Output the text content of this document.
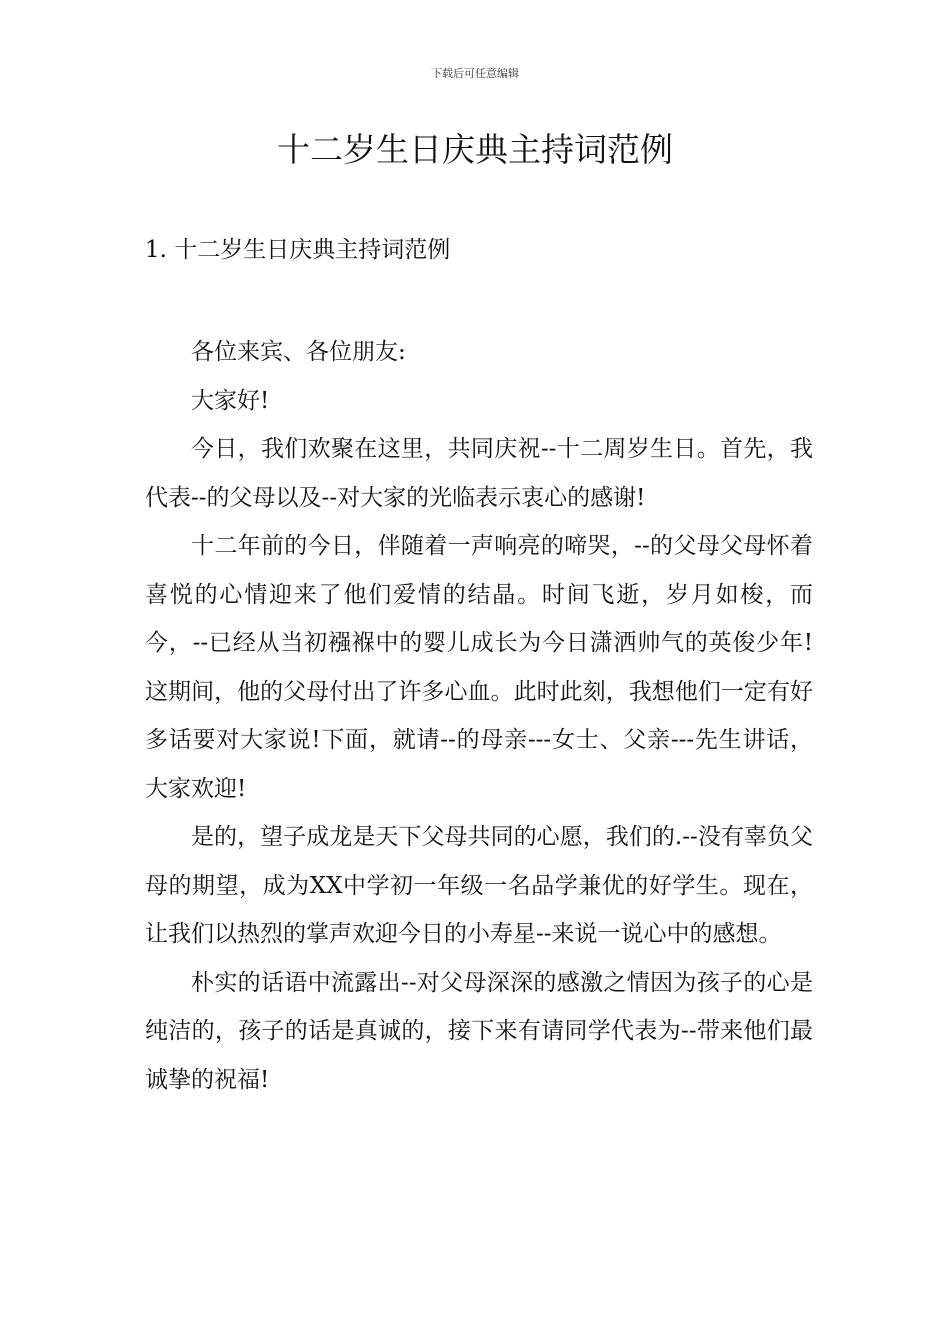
下载后可任意编辑
十二岁生日庆典主持词范例
1. 十二岁生日庆典主持词范例

各位来宾、各位朋友:

大家好!

今日，我们欢聚在这里，共同庆祝--十二周岁生日。首先，我代表--的父母以及--对大家的光临表示衷心的感谢!

十二年前的今日，伴随着一声响亮的啼哭，--的父母父母怀着喜悦的心情迎来了他们爱情的结晶。时间飞逝，岁月如梭，而今，--已经从当初襁褓中的婴儿成长为今日潇洒帅气的英俊少年!这期间，他的父母付出了许多心血。此时此刻，我想他们一定有好多话要对大家说!下面，就请--的母亲---女士、父亲---先生讲话，大家欢迎!

是的，望子成龙是天下父母共同的心愿，我们的.--没有辜负父母的期望，成为XX中学初一年级一名品学兼优的好学生。现在，让我们以热烈的掌声欢迎今日的小寿星--来说一说心中的感想。

朴实的话语中流露出--对父母深深的感激之情因为孩子的心是纯洁的，孩子的话是真诚的，接下来有请同学代表为--带来他们最诚挚的祝福!
